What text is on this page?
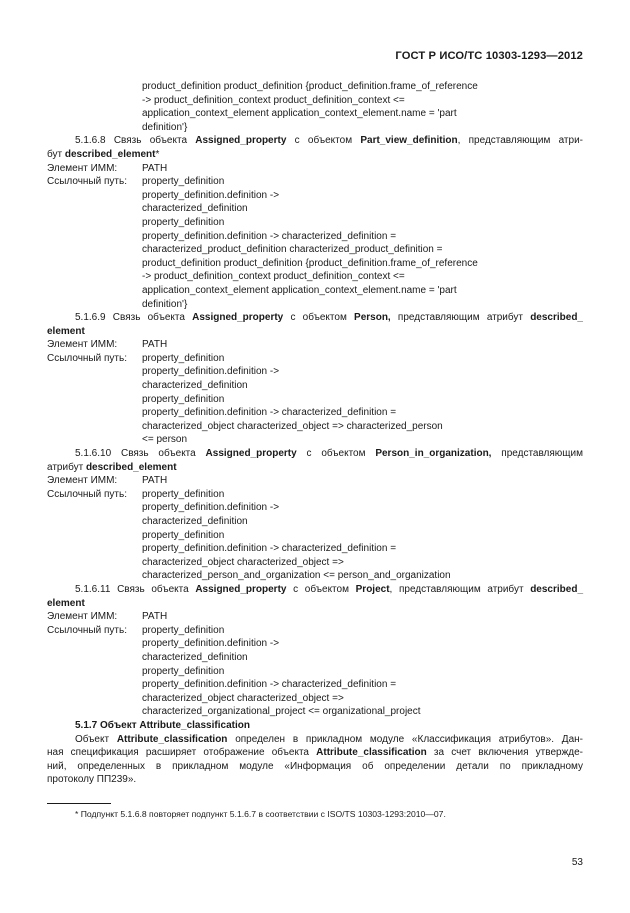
ГОСТ Р ИСО/ТС 10303-1293—2012
product_definition product_definition {product_definition.frame_of_reference
-> product_definition_context product_definition_context <=
application_context_element application_context_element.name = 'part
definition'}
5.1.6.8 Связь объекта Assigned_property с объектом Part_view_definition, представляющим атри-
бут described_element*
Элемент ИММ:	PATH
Ссылочный путь:	property_definition
property_definition.definition ->
characterized_definition
property_definition
property_definition.definition -> characterized_definition =
characterized_product_definition characterized_product_definition =
product_definition product_definition {product_definition.frame_of_reference
-> product_definition_context product_definition_context <=
application_context_element application_context_element.name = 'part
definition'}
5.1.6.9 Связь объекта Assigned_property с объектом Person, представляющим атрибут described_
element
Элемент ИММ:	PATH
Ссылочный путь:	property_definition
property_definition.definition ->
characterized_definition
property_definition
property_definition.definition -> characterized_definition =
characterized_object characterized_object => characterized_person
<= person
5.1.6.10 Связь объекта Assigned_property с объектом Person_in_organization, представляющим
атрибут described_element
Элемент ИММ:	PATH
Ссылочный путь:	property_definition
property_definition.definition ->
characterized_definition
property_definition
property_definition.definition -> characterized_definition =
characterized_object characterized_object =>
characterized_person_and_organization <= person_and_organization
5.1.6.11 Связь объекта Assigned_property с объектом Project, представляющим атрибут described_
element
Элемент ИММ:	PATH
Ссылочный путь:	property_definition
property_definition.definition ->
characterized_definition
property_definition
property_definition.definition -> characterized_definition =
characterized_object characterized_object =>
characterized_organizational_project <= organizational_project
5.1.7 Объект Attribute_classification
Объект Attribute_classification определен в прикладном модуле «Классификация атрибутов». Дан-
ная спецификация расширяет отображение объекта Attribute_classification за счет включения утвержде-
ний, определенных в прикладном модуле «Информация об определении детали по прикладному
протоколу ПП239».
* Подпункт 5.1.6.8 повторяет подпункт 5.1.6.7 в соответствии с ISO/TS 10303-1293:2010—07.
53
